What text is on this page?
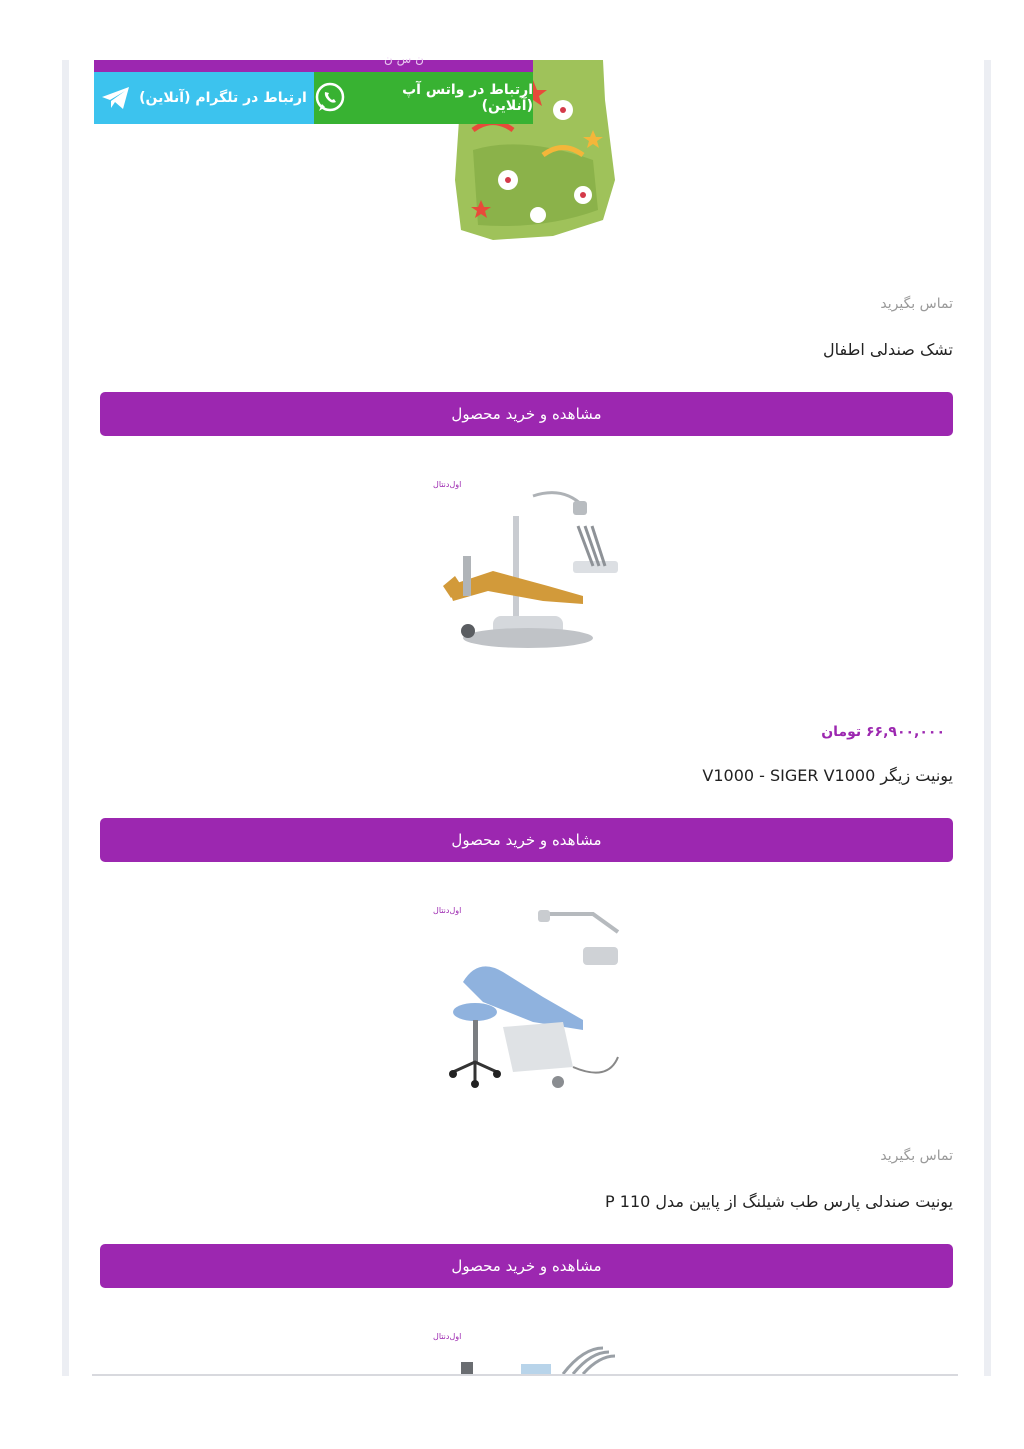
تماس بگیرید
تشک صندلی اطفال
مشاهده و خرید محصول
اول‌دنتال
۶۶,۹۰۰,۰۰۰ تومان
یونیت زیگر V1000 - SIGER V1000
مشاهده و خرید محصول
اول‌دنتال
تماس بگیرید
یونیت صندلی پارس طب شیلنگ از پایین مدل P 110
مشاهده و خرید محصول
اول‌دنتال
ن س ن
ارتباط در تلگرام (آنلاین)	ارتباط در واتس آپ (آنلاین)
